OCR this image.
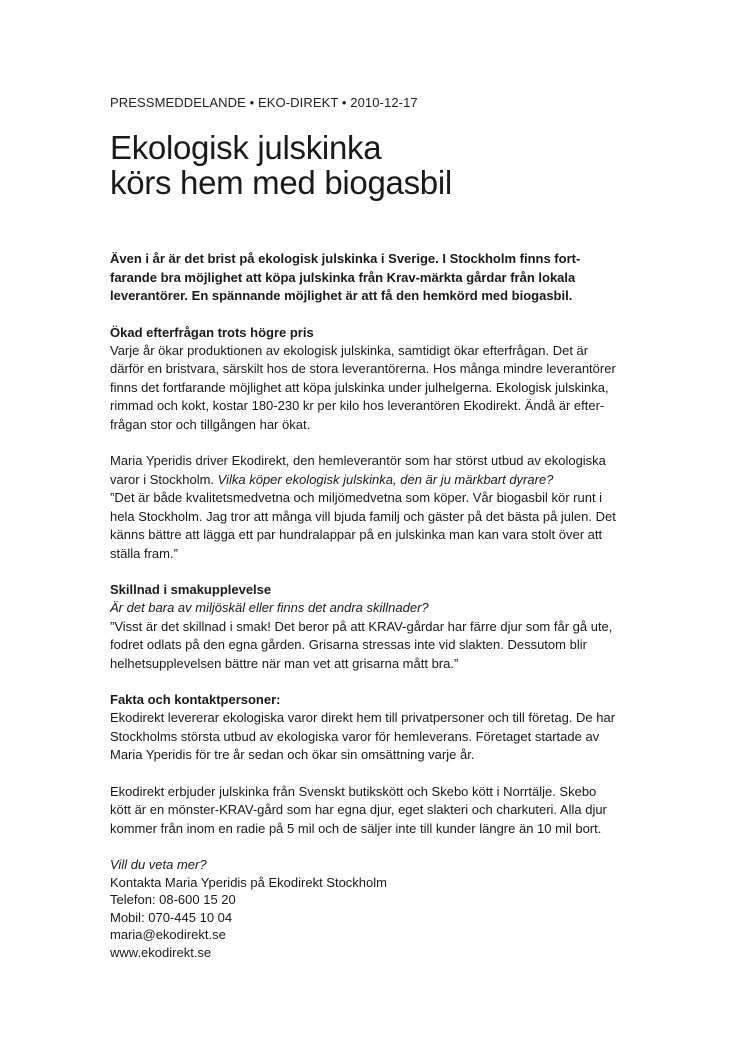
PRESSMEDDELANDE • EKO-DIREKT • 2010-12-17
Ekologisk julskinka
körs hem med biogasbil
Även i år är det brist på ekologisk julskinka i Sverige. I Stockholm finns fort-
farande bra möjlighet att köpa julskinka från Krav-märkta gårdar från lokala
leverantörer. En spännande möjlighet är att få den hemkörd med biogasbil.
Ökad efterfrågan trots högre pris
Varje år ökar produktionen av ekologisk julskinka, samtidigt ökar efterfrågan. Det är
därför en bristvara, särskilt hos de stora leverantörerna. Hos många mindre leverantörer
finns det fortfarande möjlighet att köpa julskinka under julhelgerna. Ekologisk julskinka,
rimmad och kokt, kostar 180-230 kr per kilo hos leverantören Ekodirekt. Ändå är efter-
frågan stor och tillgången har ökat.
Maria Yperidis driver Ekodirekt, den hemleverantör som har störst utbud av ekologiska
varor i Stockholm. Vilka köper ekologisk julskinka, den är ju märkbart dyrare?
”Det är både kvalitetsmedvetna och miljömedvetna som köper. Vår biogasbil kör runt i
hela Stockholm. Jag tror att många vill bjuda familj och gäster på det bästa på julen. Det
känns bättre att lägga ett par hundralappar på en julskinka man kan vara stolt över att
ställa fram.”
Skillnad i smakupplevelse
Är det bara av miljöskäl eller finns det andra skillnader?
”Visst är det skillnad i smak! Det beror på att KRAV-gårdar har färre djur som får gå ute,
fodret odlats på den egna gården. Grisarna stressas inte vid slakten. Dessutom blir
helhetsupplevelsen bättre när man vet att grisarna mått bra.”
Fakta och kontaktpersoner:
Ekodirekt levererar ekologiska varor direkt hem till privatpersoner och till företag. De har
Stockholms största utbud av ekologiska varor för hemleverans. Företaget startade av
Maria Yperidis för tre år sedan och ökar sin omsättning varje år.
Ekodirekt erbjuder julskinka från Svenskt butikskött och Skebo kött i Norrtälje. Skebo
kött är en mönster-KRAV-gård som har egna djur, eget slakteri och charkuteri. Alla djur
kommer från inom en radie på 5 mil och de säljer inte till kunder längre än 10 mil bort.
Vill du veta mer?
Kontakta Maria Yperidis på Ekodirekt Stockholm
Telefon: 08-600 15 20
Mobil: 070-445 10 04
maria@ekodirekt.se
www.ekodirekt.se
